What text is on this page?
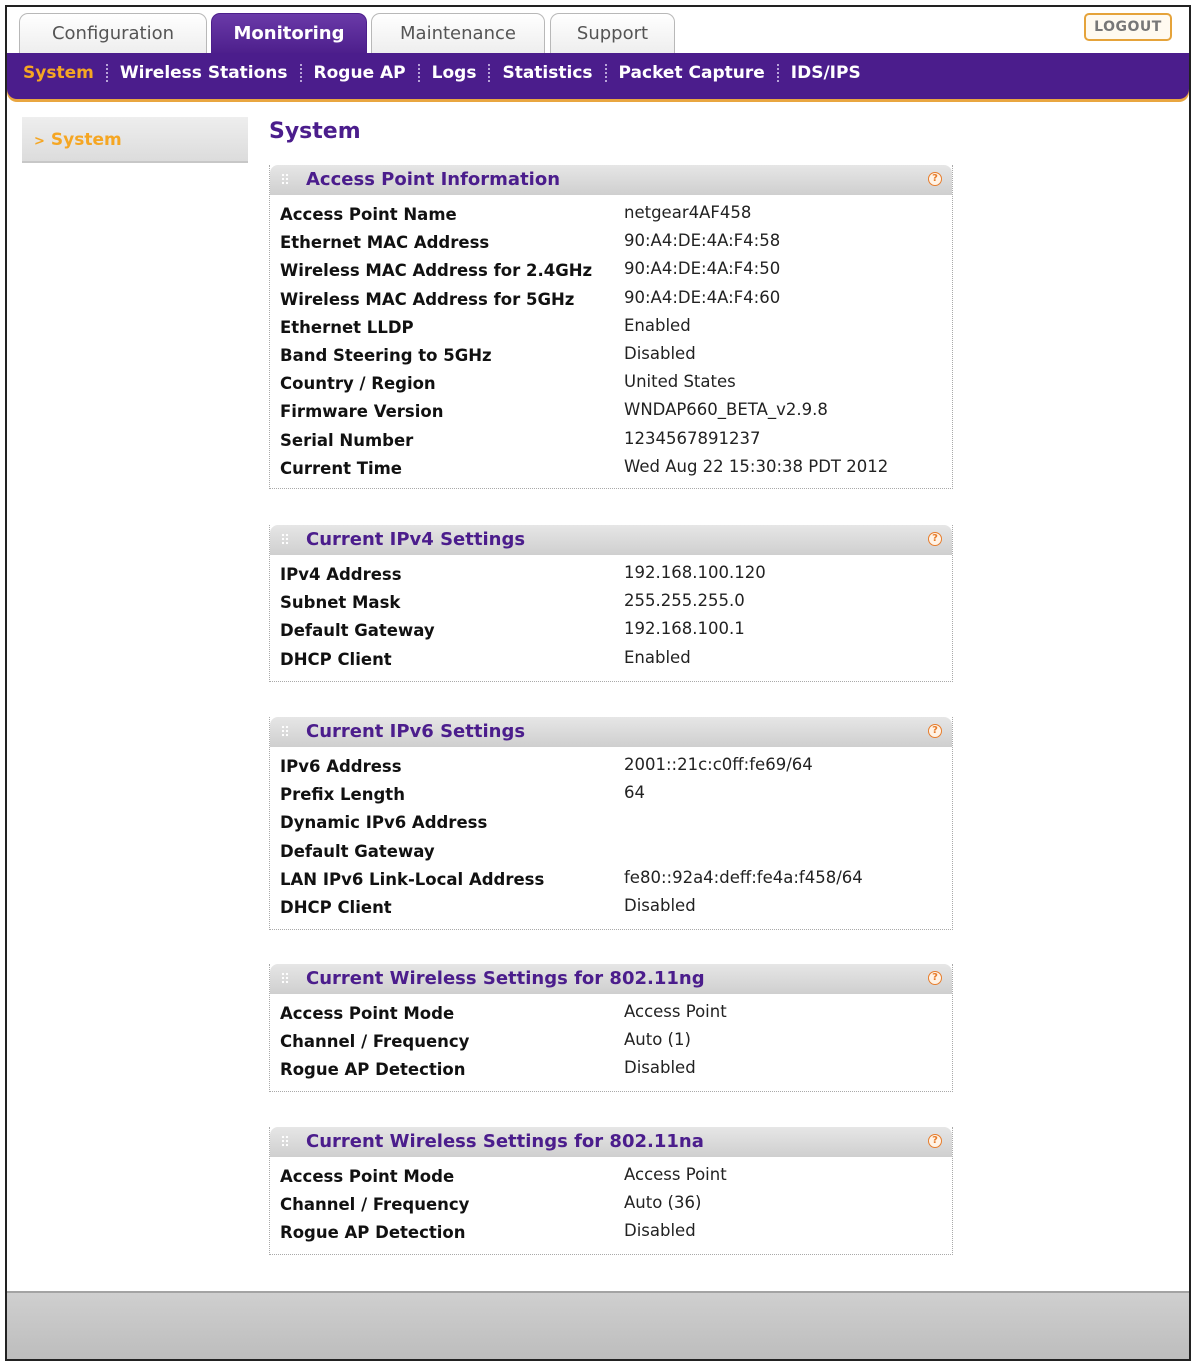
Configuration	Monitoring	Maintenance	Support	LOGOUT
System Wireless Stations Rogue AP Logs Statistics Packet Capture IDS/IPS
> System	System
Access Point Information	?
Access Point Name	netgear4AF458
Ethernet MAC Address	90:A4:DE:4A:F4:58
Wireless MAC Address for 2.4GHz 90:A4:DE:4A:F4:50
Wireless MAC Address for 5GHz	90:A4:DE:4A:F4:60
Ethernet LLDP	Enabled
Band Steering to 5GHz	Disabled
Country / Region	United States
Firmware Version	WNDAP660_BETA_v2.9.8
Serial Number	1234567891237
Current Time	Wed Aug 22 15:30:38 PDT 2012
Current IPv4 Settings	?
IPv4 Address	192.168.100.120
Subnet Mask	255.255.255.0
Default Gateway	192.168.100.1
DHCP Client	Enabled
Current IPv6 Settings	?
IPv6 Address	2001::21c:c0ff:fe69/64
Prefix Length	64
Dynamic IPv6 Address
Default Gateway
LAN IPv6 Link-Local Address	fe80::92a4:deff:fe4a:f458/64
DHCP Client	Disabled
Current Wireless Settings for 802.11ng	?
Access Point Mode	Access Point
Channel / Frequency	Auto (1)
Rogue AP Detection	Disabled
Current Wireless Settings for 802.11na	?
Access Point Mode	Access Point
Channel / Frequency	Auto (36)
Rogue AP Detection	Disabled
